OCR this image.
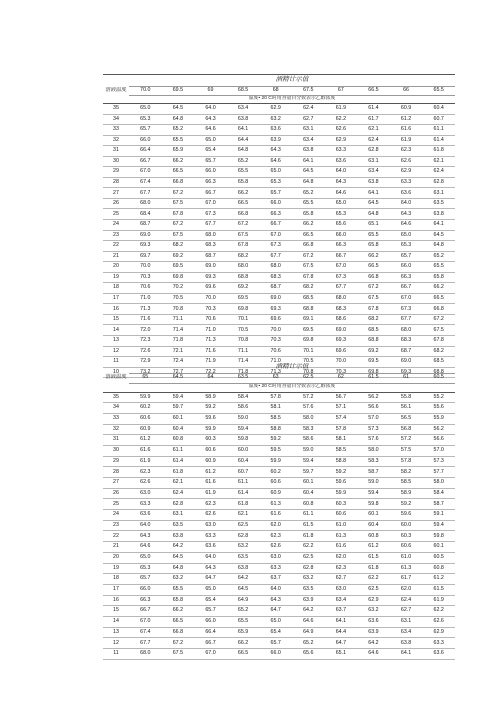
	酒精计示值									
溶液温度	70.0	69.5	69	68.5	68	67.5	67	66.5	66	65.5
	温度• 20 C时用容量百分数表示乙醇浓度									
35	65.0	64.5	64.0	63.4	62.9	62.4	61.9	61.4	60.9	60.4
34	65.3	64.8	64.3	63.8	63.2	62.7	62.2	61.7	61.2	60.7
33	65.7	65.2	64.6	64.1	63.6	63.1	62.6	62.1	61.6	61.1
32	66.0	65.5	65.0	64.4	63.9	63.4	62.9	62.4	61.9	61.4
31	66.4	65.9	65.4	64.8	64.3	63.8	63.3	62.8	62.3	61.8
30	66.7	66.2	65.7	65.2	64.6	64.1	63.6	63.1	62.6	62.1
29	67.0	66.5	66.0	65.5	65.0	64.5	64.0	63.4	62.9	62.4
28	67.4	66.8	66.3	65.8	65.3	64.8	64.3	63.8	63.3	62.8
27	67.7	67.2	66.7	66.2	65.7	65.2	64.6	64.1	63.6	63.1
26	68.0	67.5	67.0	66.5	66.0	65.5	65.0	64.5	64.0	63.5
25	68.4	67.8	67.3	66.8	66.3	65.8	65.3	64.8	64.3	63.8
24	68.7	67.2	67.7	67.2	66.7	66.2	65.6	65.1	64.6	64.1
23	69.0	67.5	68.0	67.5	67.0	66.5	66.0	65.5	65.0	64.5
22	69.3	68.2	68.3	67.8	67.3	66.8	66.3	65.8	65.3	64.8
21	69.7	69.2	68.7	68.2	67.7	67.2	66.7	66.2	65.7	65.2
20	70.0	69.5	69.0	68.0	68.0	67.5	67.0	66.5	66.0	65.5
19	70.3	69.8	69.3	68.8	68.3	67.8	67.3	66.8	66.3	65.8
18	70.6	70.2	69.6	69.2	68.7	68.2	67.7	67.2	66.7	66.2
17	71.0	70.5	70.0	69.5	69.0	68.5	68.0	67.5	67.0	66.5
16	71.3	70.8	70.3	69.8	69.3	68.8	68.3	67.8	67.3	66.8
15	71.6	71.1	70.6	70.1	69.6	69.1	68.6	68.2	67.7	67.2
14	72.0	71.4	71.0	70.5	70.0	69.5	69.0	68.5	68.0	67.5
13	72.3	71.8	71.3	70.8	70.3	69.8	69.3	68.8	68.3	67.8
12	72.6	72.1	71.6	71.1	70.6	70.1	69.6	69.2	68.7	68.2
11	72.9	72.4	71.9	71.4	71.0	70.5	70.0	69.5	69.0	68.5
10	73.2	72.7	72.2	71.8	71.3	70.8	70.3	69.8	69.3	68.8
	酒精计示值									
溶液温度	65	64.5	64	63.5	63	62.5	62	61.5	61	60.5
	温度• 20 C时用容量百分数表示乙醇浓度									
35	59.9	59.4	58.9	58.4	57.8	57.2	56.7	56.2	55.8	55.2
34	60.2	59.7	59.2	58.6	58.1	57.6	57.1	56.6	56.1	55.6
33	60.6	60.1	59.6	59.0	58.5	58.0	57.4	57.0	56.5	55.9
32	60.9	60.4	59.9	59.4	58.8	58.3	57.8	57.3	56.8	56.2
31	61.2	60.8	60.3	59.8	59.2	58.6	58.1	57.6	57.2	56.6
30	61.6	61.1	60.6	60.0	59.5	59.0	58.5	58.0	57.5	57.0
29	61.9	61.4	60.9	60.4	59.9	59.4	58.8	58.3	57.8	57.3
28	62.3	61.8	61.2	60.7	60.2	59.7	59.2	58.7	58.2	57.7
27	62.6	62.1	61.6	61.1	60.6	60.1	59.6	59.0	58.5	58.0
26	63.0	62.4	61.9	61.4	60.9	60.4	59.9	59.4	58.9	58.4
25	63.3	62.8	62.3	61.8	61.3	60.8	60.3	59.8	59.2	58.7
24	63.6	63.1	62.6	62.1	61.6	61.1	60.6	60.1	59.6	59.1
23	64.0	63.5	63.0	62.5	62.0	61.5	61.0	60.4	60.0	59.4
22	64.3	63.8	63.3	62.8	62.3	61.8	61.3	60.8	60.3	59.8
21	64.6	64.2	63.6	63.2	62.6	62.2	61.6	61.2	60.6	60.1
20	65.0	64.5	64.0	63.5	63.0	62.5	62.0	61.5	61.0	60.5
19	65.3	64.8	64.3	63.8	63.3	62.8	62.3	61.8	61.3	60.8
18	65.7	63.2	64.7	64.2	63.7	63.2	62.7	62.2	61.7	61.2
17	66.0	65.5	65.0	64.5	64.0	63.5	63.0	62.5	62.0	61.5
16	66.3	65.8	65.4	64.9	64.3	63.9	63.4	62.9	62.4	61.9
15	66.7	66.2	65.7	65.2	64.7	64.2	63.7	63.2	62.7	62.2
14	67.0	66.5	66.0	65.5	65.0	64.6	64.1	63.6	63.1	62.6
13	67.4	66.8	66.4	65.9	65.4	64.9	64.4	63.9	63.4	62.9
12	67.7	67.2	66.7	66.2	65.7	65.2	64.7	64.2	63.8	63.3
11	68.0	67.5	67.0	66.5	66.0	65.6	65.1	64.6	64.1	63.6
